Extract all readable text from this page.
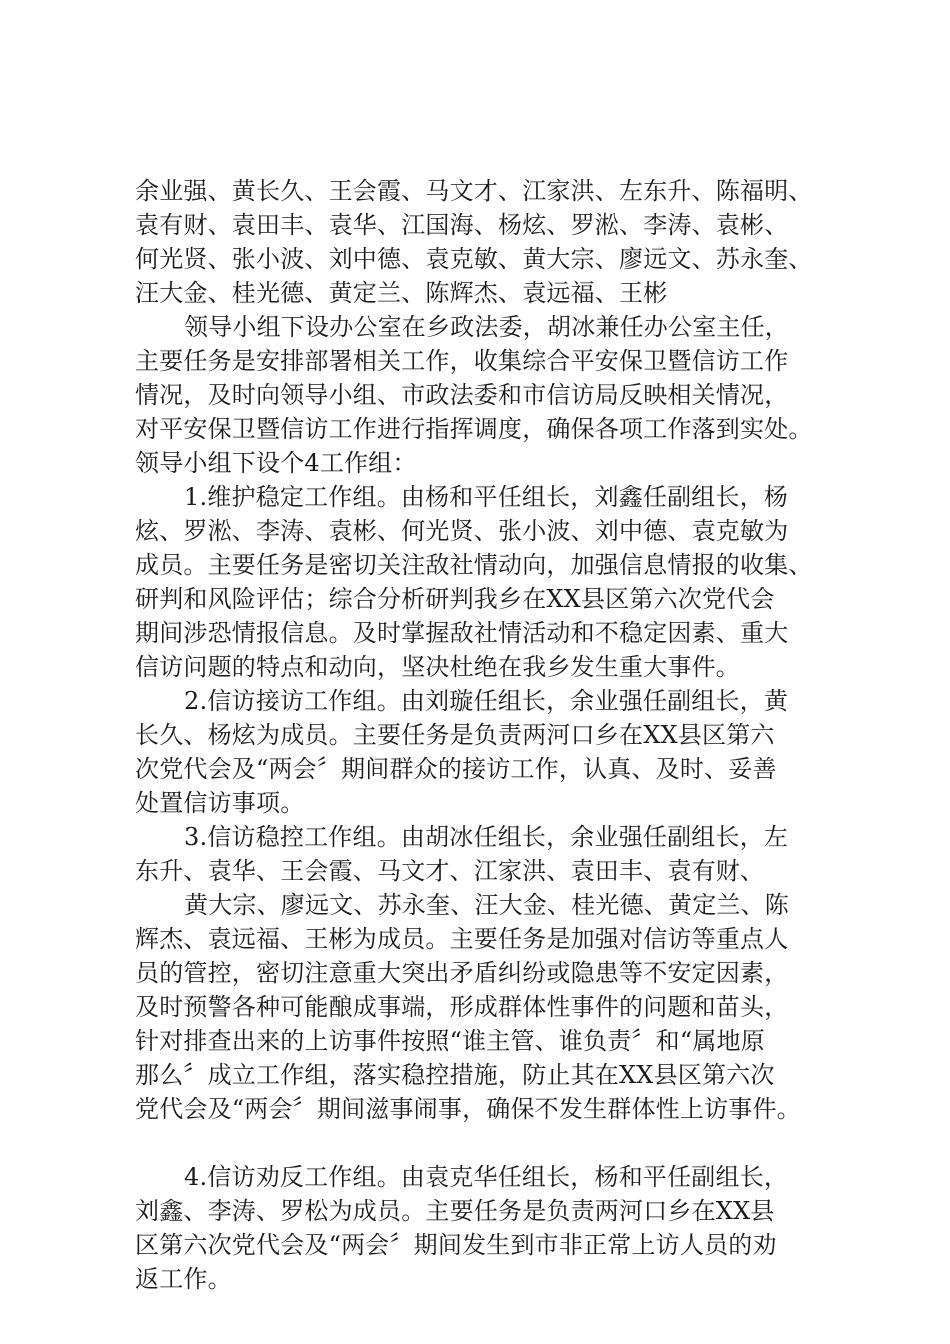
余业强、黄长久、王会霞、马文才、江家洪、左东升、陈福明、
袁有财、袁田丰、袁华、江国海、杨炫、罗淞、李涛、袁彬、
何光贤、张小波、刘中德、袁克敏、黄大宗、廖远文、苏永奎、
汪大金、桂光德、黄定兰、陈辉杰、袁远福、王彬
领导小组下设办公室在乡政法委，胡冰兼任办公室主任，
主要任务是安排部署相关工作，收集综合平安保卫暨信访工作
情况，及时向领导小组、市政法委和市信访局反映相关情况，
对平安保卫暨信访工作进行指挥调度，确保各项工作落到实处。
领导小组下设个4工作组：
1.维护稳定工作组。由杨和平任组长，刘鑫任副组长，杨
炫、罗淞、李涛、袁彬、何光贤、张小波、刘中德、袁克敏为
成员。主要任务是密切关注敌社情动向，加强信息情报的收集、
研判和风险评估；综合分析研判我乡在XX县区第六次党代会
期间涉恐情报信息。及时掌握敌社情活动和不稳定因素、重大
信访问题的特点和动向，坚决杜绝在我乡发生重大事件。
2.信访接访工作组。由刘璇任组长，余业强任副组长，黄
长久、杨炫为成员。主要任务是负责两河口乡在XX县区第六
次党代会及“两会〞期间群众的接访工作，认真、及时、妥善
处置信访事项。
3.信访稳控工作组。由胡冰任组长，余业强任副组长，左
东升、袁华、王会霞、马文才、江家洪、袁田丰、袁有财、
黄大宗、廖远文、苏永奎、汪大金、桂光德、黄定兰、陈
辉杰、袁远福、王彬为成员。主要任务是加强对信访等重点人
员的管控，密切注意重大突出矛盾纠纷或隐患等不安定因素，
及时预警各种可能酿成事端，形成群体性事件的问题和苗头，
针对排查出来的上访事件按照“谁主管、谁负责〞和“属地原
那么〞成立工作组，落实稳控措施，防止其在XX县区第六次
党代会及“两会〞期间滋事闹事，确保不发生群体性上访事件。
4.信访劝反工作组。由袁克华任组长，杨和平任副组长，
刘鑫、李涛、罗松为成员。主要任务是负责两河口乡在XX县
区第六次党代会及“两会〞期间发生到市非正常上访人员的劝
返工作。
